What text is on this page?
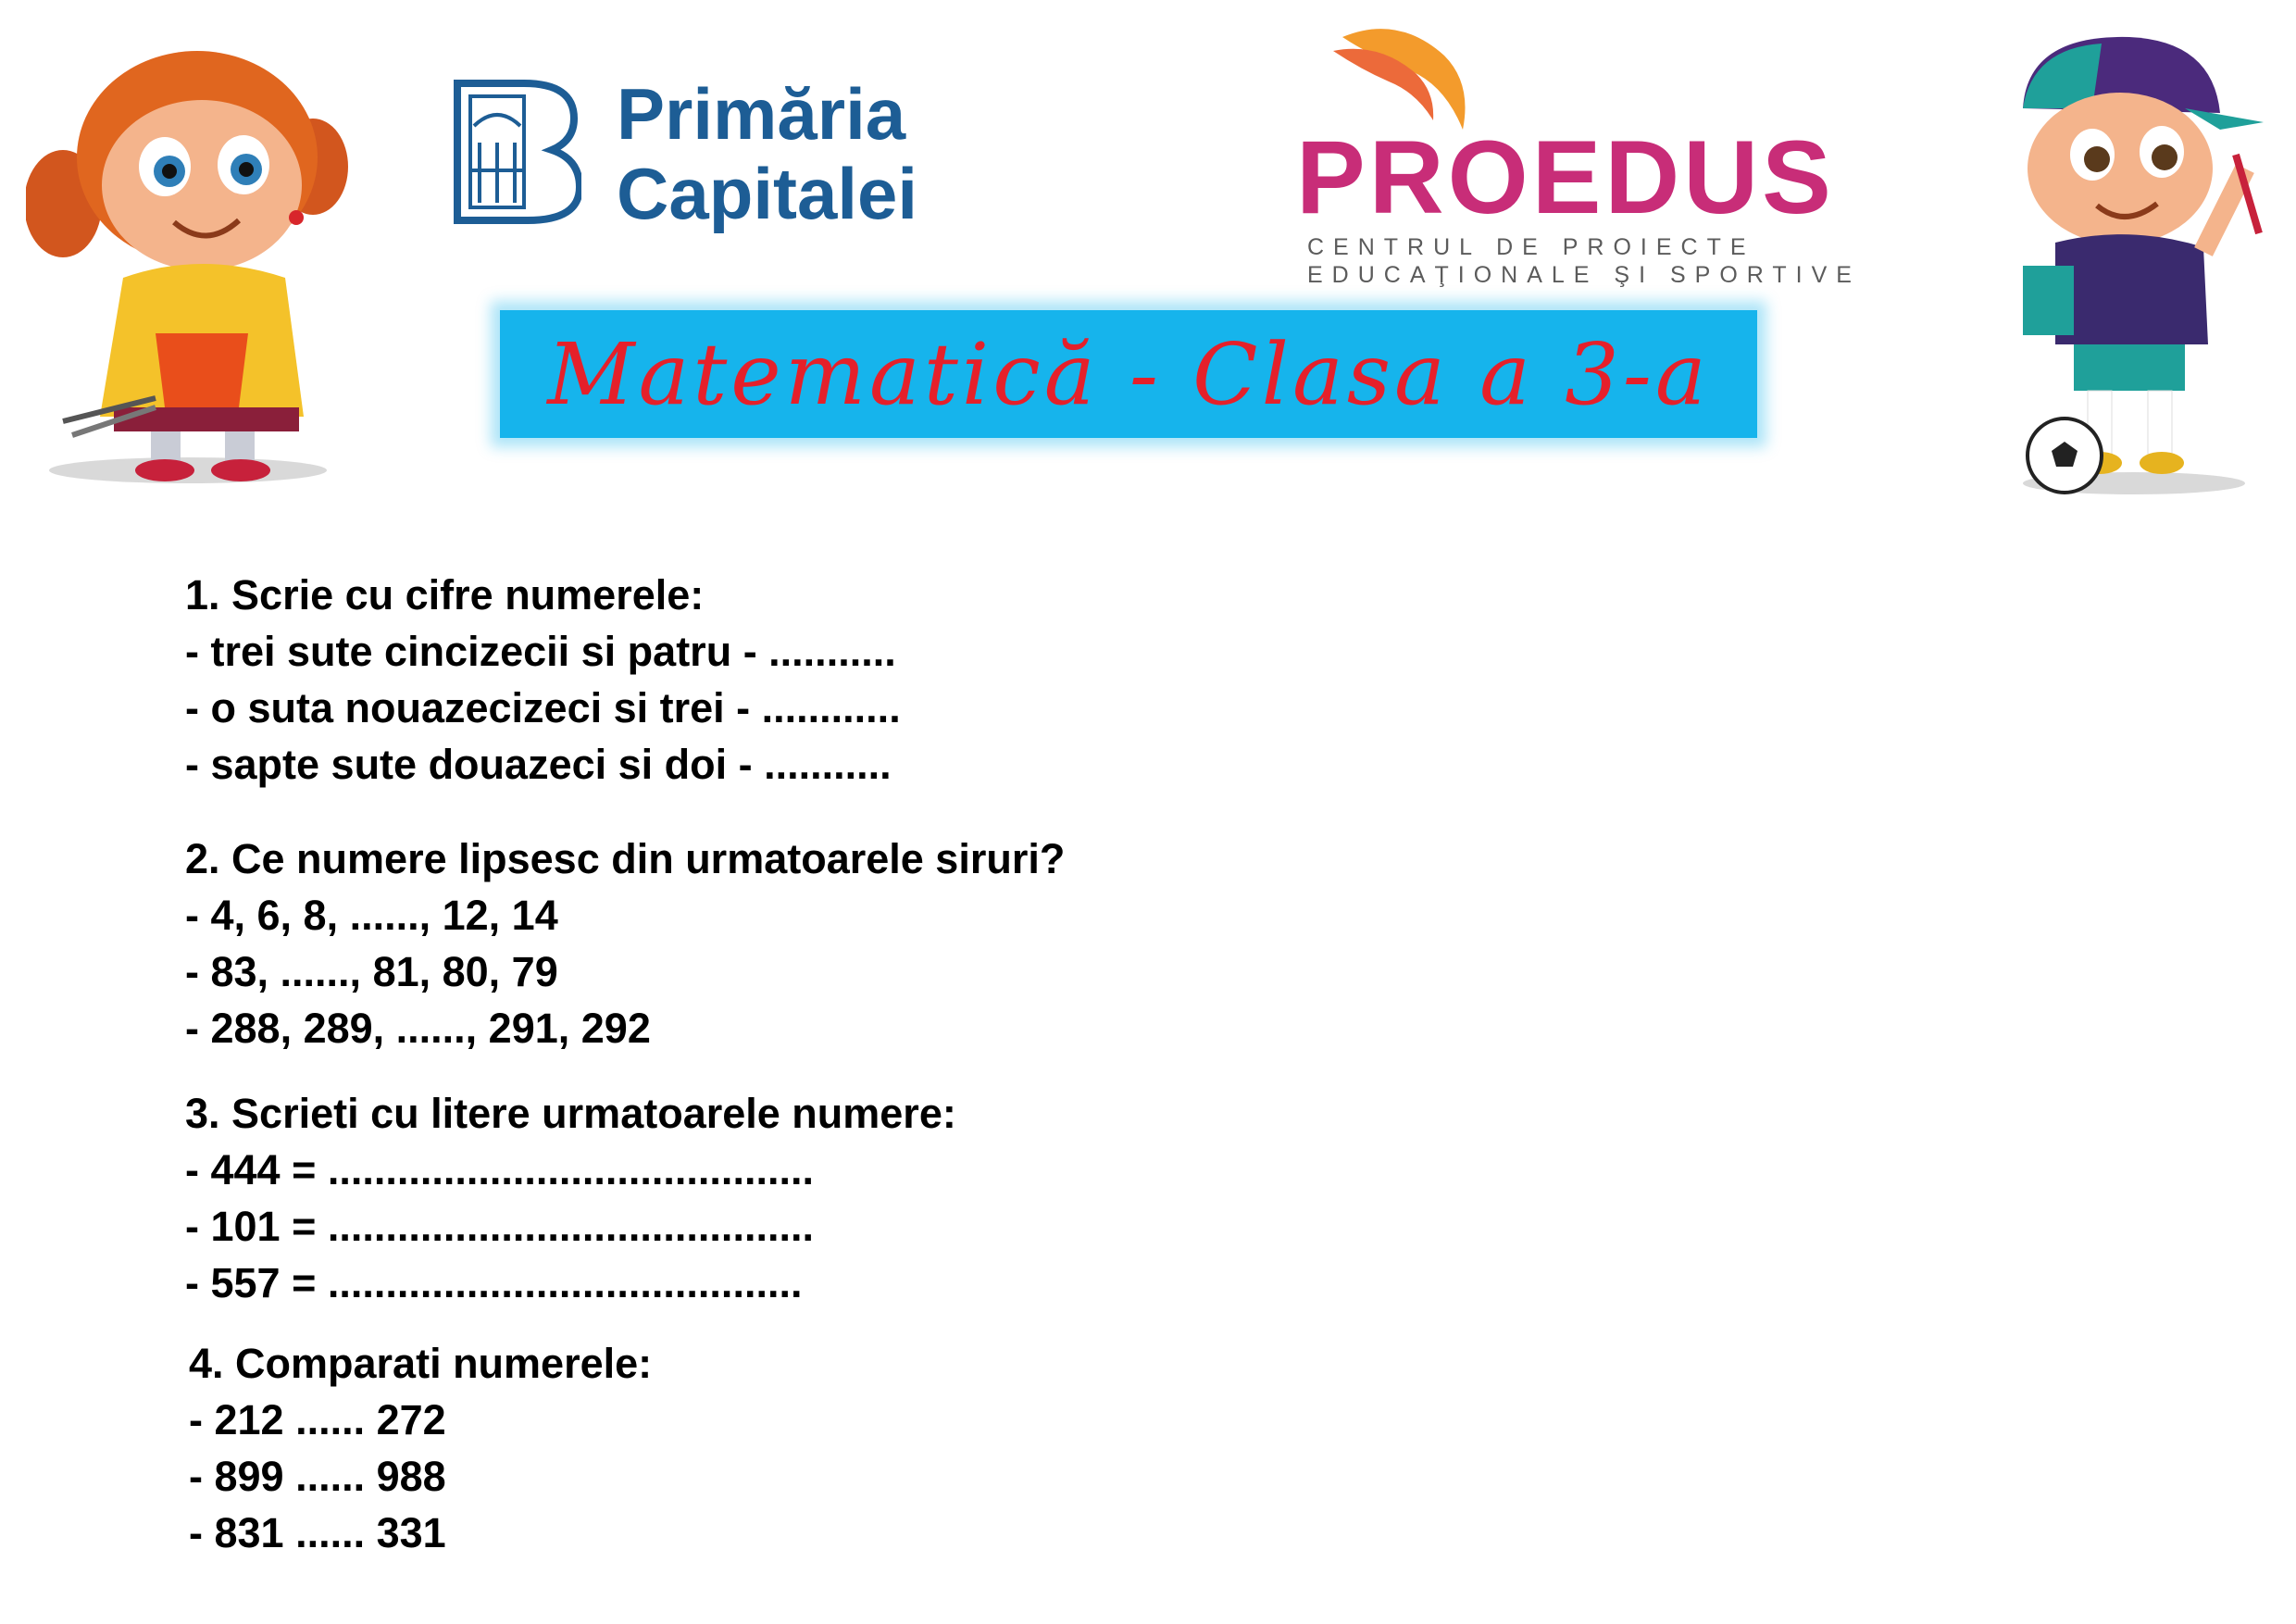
Primăria
Capitalei	PROEDUS
CENTRUL DE PROIECTE
EDUCAŢIONALE ŞI SPORTIVE
Matematică - Clasa a 3-a
1. Scrie cu cifre numerele:
- trei sute cincizecii si patru - ...........
- o suta nouazecizeci si trei - ............
- sapte sute douazeci si doi - ...........
2. Ce numere lipsesc din urmatoarele siruri?
- 4, 6, 8, ......, 12, 14
- 83, ......, 81, 80, 79
- 288, 289, ......, 291, 292
3. Scrieti cu litere urmatoarele numere:
- 444 = ..........................................
- 101 = ..........................................
- 557 = .........................................
4. Comparati numerele:
- 212 ...... 272
- 899 ...... 988
- 831 ...... 331
